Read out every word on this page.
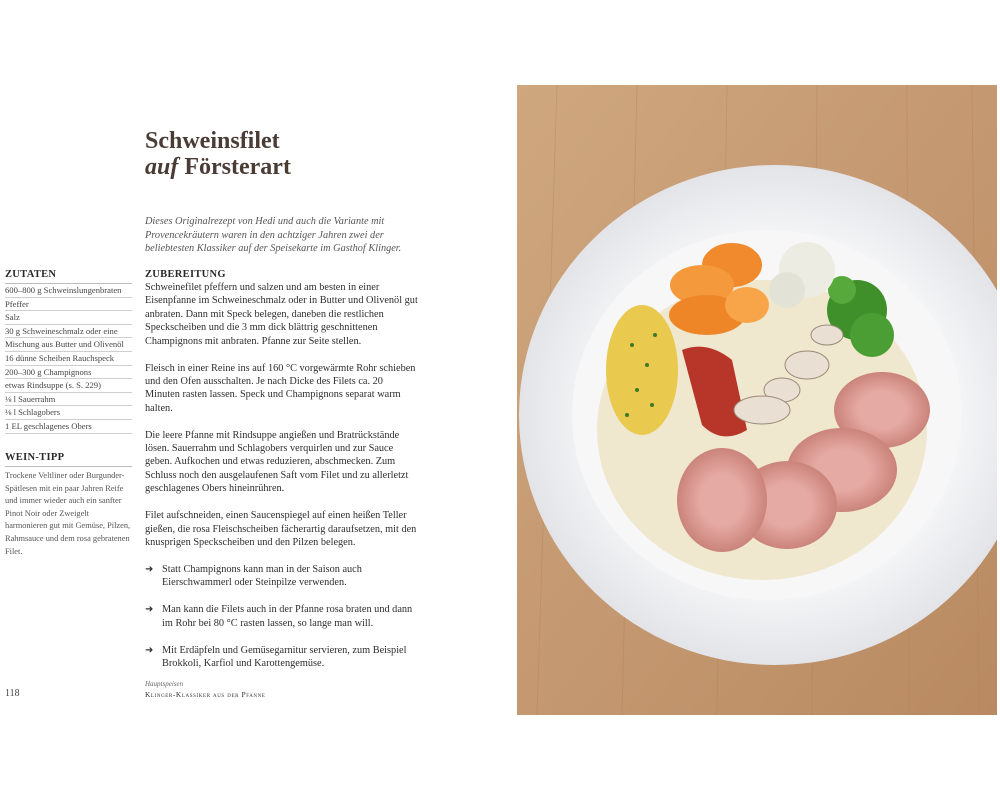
Schweinsfilet
auf Försterart

Dieses Originalrezept von Hedi und auch die Variante mit Provencekräutern waren in den achtziger Jahren zwei der beliebtesten Klassiker auf der Speisekarte im Gasthof Klinger.

ZUTATEN
600–800 g Schweinslungenbraten
Pfeffer
Salz
30 g Schweineschmalz oder eine
Mischung aus Butter und Olivenöl
16 dünne Scheiben Rauchspeck
200–300 g Champignons
etwas Rindsuppe (s. S. 229)
⅛ l Sauerrahm
⅛ l Schlagobers
1 EL geschlagenes Obers
WEIN-TIPP

Trockene Veltliner oder Burgunder-Spätlesen mit ein paar Jahren Reife und immer wieder auch ein sanfter Pinot Noir oder Zweigelt harmonieren gut mit Gemüse, Pilzen, Rahmsauce und dem rosa gebratenen Filet.

ZUBEREITUNG

Schweinefilet pfeffern und salzen und am besten in einer Eisenpfanne im Schweineschmalz oder in Butter und Olivenöl gut anbraten. Dann mit Speck belegen, daneben die restlichen Speckscheiben und die 3 mm dick blättrig geschnittenen Champignons mit anbraten. Pfanne zur Seite stellen.

Fleisch in einer Reine ins auf 160 °C vorgewärmte Rohr schieben und den Ofen ausschalten. Je nach Dicke des Filets ca. 20 Minuten rasten lassen. Speck und Champignons separat warm halten.

Die leere Pfanne mit Rindsuppe angießen und Bratrückstände lösen. Sauerrahm und Schlagobers verquirlen und zur Sauce geben. Aufkochen und etwas reduzieren, abschmecken. Zum Schluss noch den ausgelaufenen Saft vom Filet und zu allerletzt geschlagenes Obers hineinrühren.

Filet aufschneiden, einen Saucenspiegel auf einen heißen Teller gießen, die rosa Fleischscheiben fächerartig daraufsetzen, mit den knusprigen Speckscheiben und den Pilzen belegen.

➜ Statt Champignons kann man in der Saison auch Eierschwammerl oder Steinpilze verwenden.
➜ Man kann die Filets auch in der Pfanne rosa braten und dann im Rohr bei 80 °C rasten lassen, so lange man will.
➜ Mit Erdäpfeln und Gemüsegarnitur servieren, zum Beispiel Brokkoli, Karfiol und Karottengemüse.
118
Hauptspeisen
Klinger-Klassiker aus der Pfanne
